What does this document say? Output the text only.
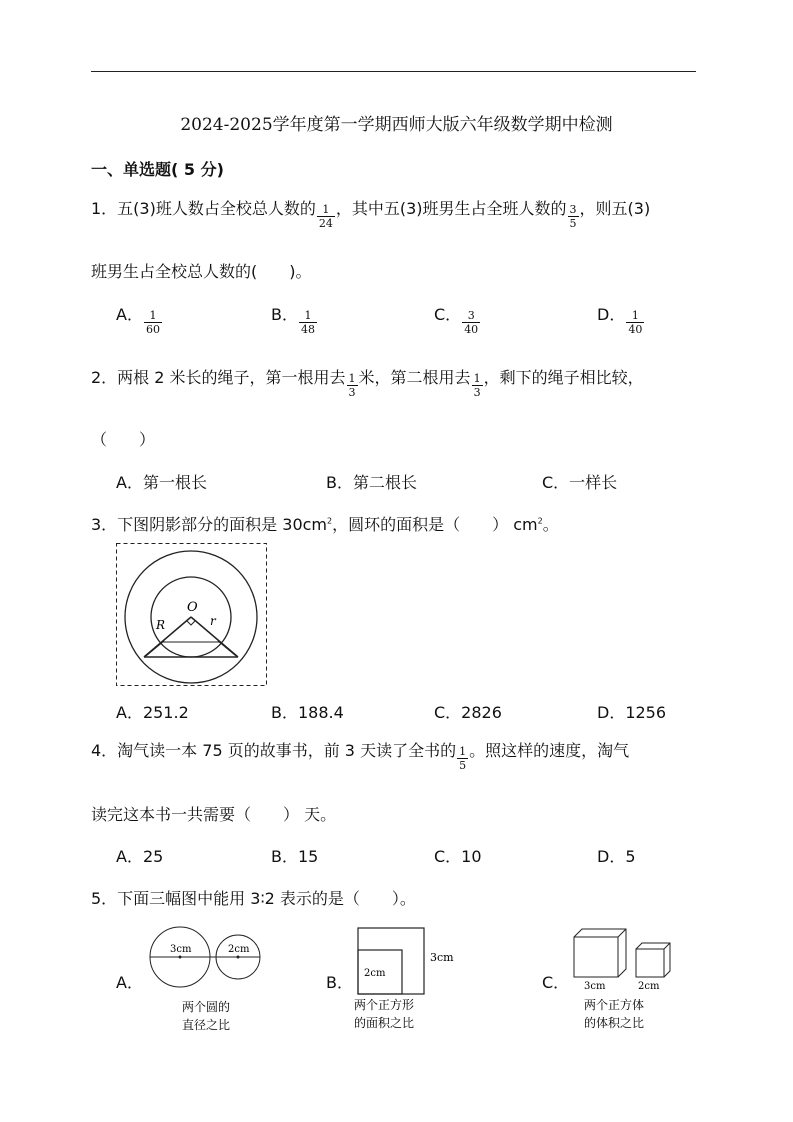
2024-2025学年度第一学期西师大版六年级数学期中检测
一、单选题( 5 分)
1．五(3)班人数占全校总人数的 $\frac{1}{24}$ ，其中五(3)班男生占全班人数的 $\frac{3}{5}$ ，则五(3)
班男生占全校总人数的(　　)。
A． $\frac{1}{60}$	B． $\frac{1}{48}$	C． $\frac{3}{40}$	D． $\frac{1}{40}$
2．两根 2 米长的绳子，第一根用去 $\frac{1}{3}$ 米，第二根用去 $\frac{1}{3}$ ，剩下的绳子相比较，
（　　）
A．第一根长	B．第二根长	C．一样长
3．下图阴影部分的面积是 $30cm^2$，圆环的面积是（　　） $cm^2$。
O
R	r
A．251.2	B．188.4	C．2826	D．1256
4．淘气读一本 75 页的故事书，前 3 天读了全书的 $\frac{1}{5}$ 。照这样的速度，淘气
读完这本书一共需要（　　） 天。
A．25	B．15	C．10	D．5
5．下面三幅图中能用 3∶2 表示的是（　　）。
A．
3cm	2cm
两个圆的
直径之比
B．
3cm
2cm
两个正方形
的面积之比
C． 3cm	2cm
两个正方体
的体积之比
